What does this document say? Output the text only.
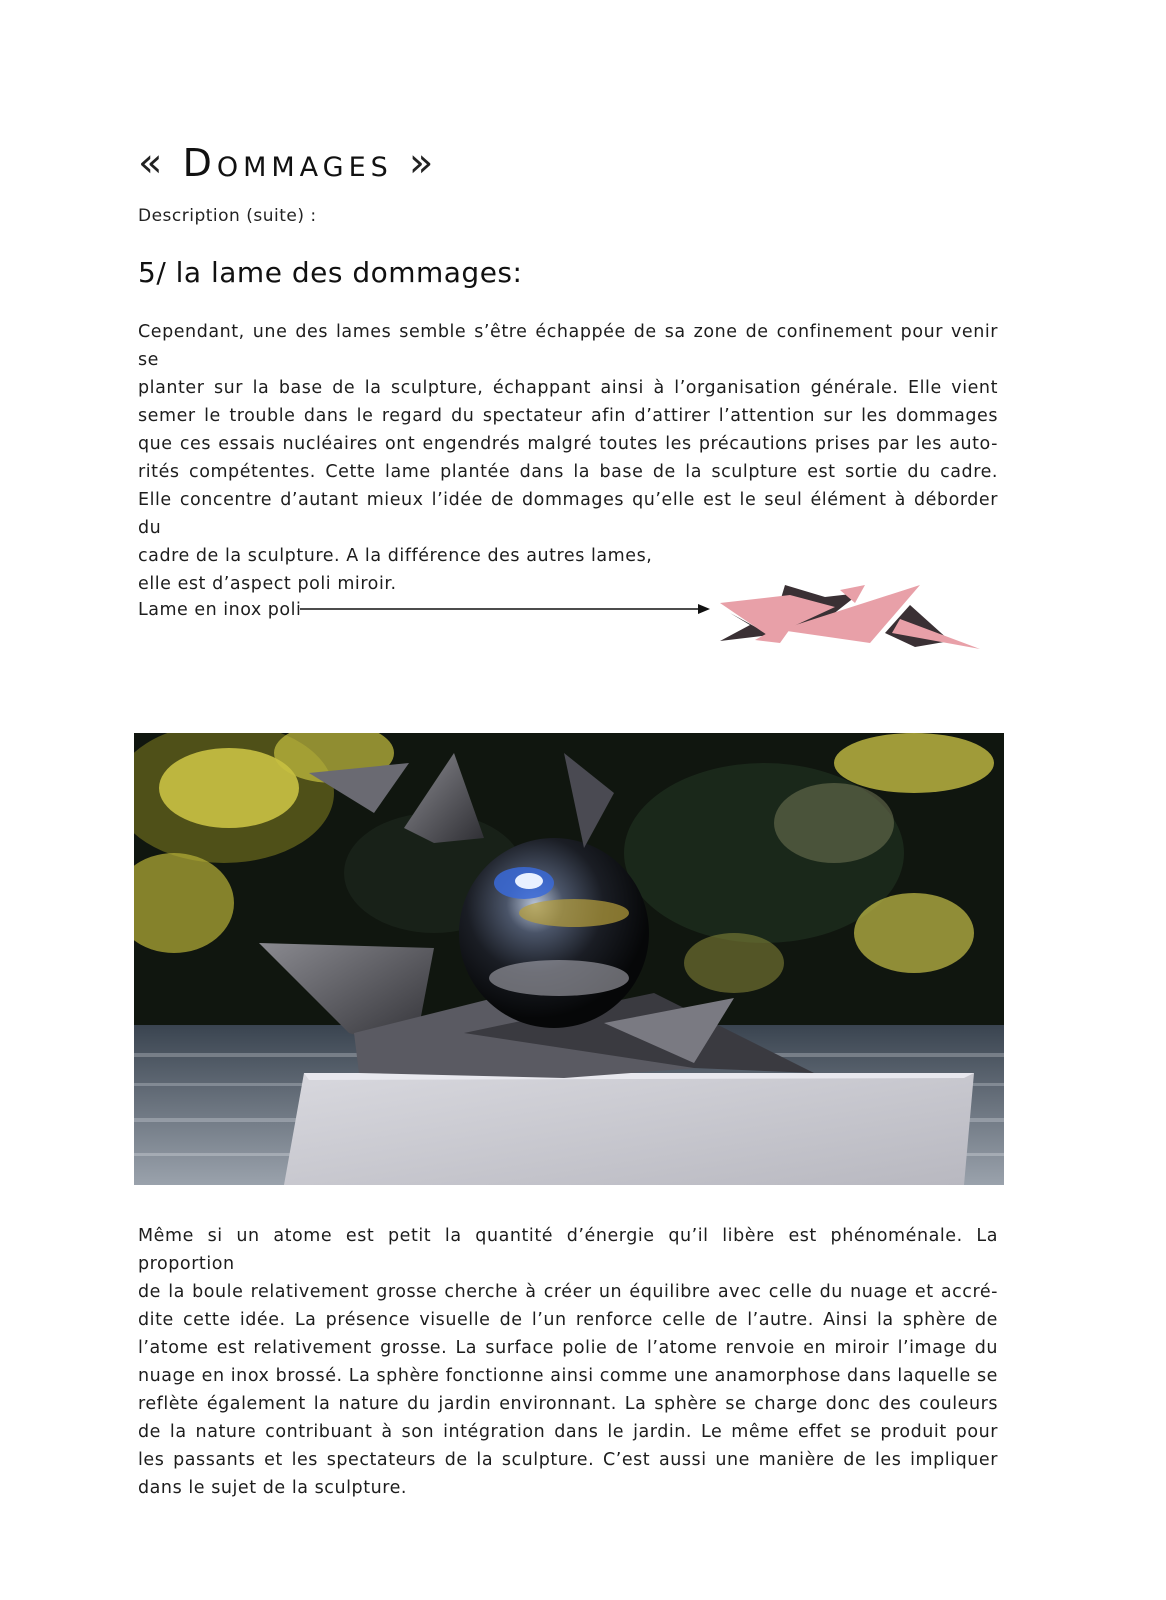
« Dommages »

Description (suite) :

5/ la lame des dommages:

Cependant, une des lames semble s’être échappée de sa zone de confinement pour venir se
planter sur la base de la sculpture, échappant ainsi à l’organisation générale. Elle vient
semer le trouble dans le regard du spectateur afin d’attirer l’attention sur les dommages
que ces essais nucléaires ont engendrés malgré toutes les précautions prises par les auto-
rités compétentes. Cette lame plantée dans la base de la sculpture est sortie du cadre.
Elle concentre d’autant mieux l’idée de dommages qu’elle est le seul élément à déborder du
cadre de la sculpture. A la différence des autres lames,
elle est d’aspect poli miroir.

Lame en inox poli

Même si un atome est petit la quantité d’énergie qu’il libère est phénoménale. La proportion
de la boule relativement grosse cherche à créer un équilibre avec celle du nuage et accré-
dite cette idée. La présence visuelle de l’un renforce celle de l’autre. Ainsi la sphère de
l’atome est relativement grosse. La surface polie de l’atome renvoie en miroir l’image du
nuage en inox brossé. La sphère fonctionne ainsi comme une anamorphose dans laquelle se
reflète également la nature du jardin environnant. La sphère se charge donc des couleurs
de la nature contribuant à son intégration dans le jardin. Le même effet se produit pour
les passants et les spectateurs de la sculpture. C’est aussi une manière de les impliquer
dans le sujet de la sculpture.
